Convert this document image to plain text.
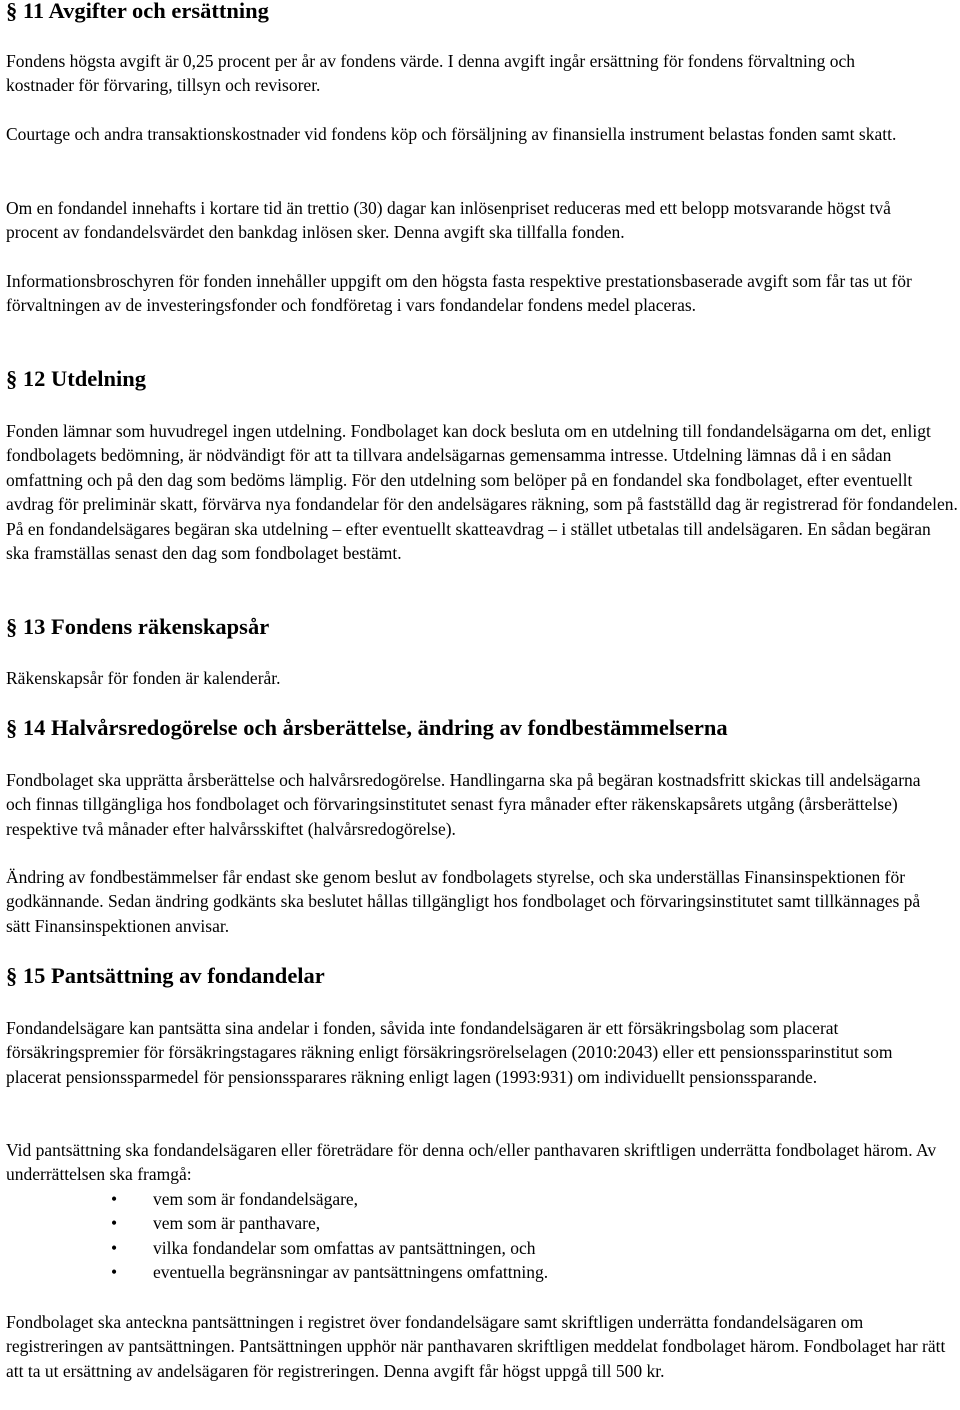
§ 11 Avgifter och ersättning

Fondens högsta avgift är 0,25 procent per år av fondens värde. I denna avgift ingår ersättning för fondens förvaltning och kostnader för förvaring, tillsyn och revisorer.

Courtage och andra transaktionskostnader vid fondens köp och försäljning av finansiella instrument belastas fonden samt skatt.

Om en fondandel innehafts i kortare tid än trettio (30) dagar kan inlösenpriset reduceras med ett belopp motsvarande högst två procent av fondandelsvärdet den bankdag inlösen sker. Denna avgift ska tillfalla fonden.

Informationsbroschyren för fonden innehåller uppgift om den högsta fasta respektive prestationsbaserade avgift som får tas ut för förvaltningen av de investeringsfonder och fondföretag i vars fondandelar fondens medel placeras.

§ 12 Utdelning

Fonden lämnar som huvudregel ingen utdelning. Fondbolaget kan dock besluta om en utdelning till fondandelsägarna om det, enligt fondbolagets bedömning, är nödvändigt för att ta tillvara andelsägarnas gemensamma intresse. Utdelning lämnas då i en sådan omfattning och på den dag som bedöms lämplig. För den utdelning som belöper på en fondandel ska fondbolaget, efter eventuellt avdrag för preliminär skatt, förvärva nya fondandelar för den andelsägares räkning, som på fastställd dag är registrerad för fondandelen. På en fondandelsägares begäran ska utdelning – efter eventuellt skatteavdrag – i stället utbetalas till andelsägaren. En sådan begäran ska framställas senast den dag som fondbolaget bestämt.

§ 13 Fondens räkenskapsår

Räkenskapsår för fonden är kalenderår.

§ 14 Halvårsredogörelse och årsberättelse, ändring av fondbestämmelserna

Fondbolaget ska upprätta årsberättelse och halvårsredogörelse. Handlingarna ska på begäran kostnadsfritt skickas till andelsägarna och finnas tillgängliga hos fondbolaget och förvaringsinstitutet senast fyra månader efter räkenskapsårets utgång (årsberättelse) respektive två månader efter halvårsskiftet (halvårsredogörelse).

Ändring av fondbestämmelser får endast ske genom beslut av fondbolagets styrelse, och ska underställas Finansinspektionen för godkännande. Sedan ändring godkänts ska beslutet hållas tillgängligt hos fondbolaget och förvaringsinstitutet samt tillkännages på sätt Finansinspektionen anvisar.

§ 15 Pantsättning av fondandelar

Fondandelsägare kan pantsätta sina andelar i fonden, såvida inte fondandelsägaren är ett försäkringsbolag som placerat försäkringspremier för försäkringstagares räkning enligt försäkringsrörelselagen (2010:2043) eller ett pensionssparinstitut som placerat pensionssparmedel för pensionssparares räkning enligt lagen (1993:931) om individuellt pensionssparande.

Vid pantsättning ska fondandelsägaren eller företrädare för denna och/eller panthavaren skriftligen underrätta fondbolaget härom. Av underrättelsen ska framgå:

• vem som är fondandelsägare,
• vem som är panthavare,
• vilka fondandelar som omfattas av pantsättningen, och
• eventuella begränsningar av pantsättningens omfattning.

Fondbolaget ska anteckna pantsättningen i registret över fondandelsägare samt skriftligen underrätta fondandelsägaren om registreringen av pantsättningen. Pantsättningen upphör när panthavaren skriftligen meddelat fondbolaget härom. Fondbolaget har rätt att ta ut ersättning av andelsägaren för registreringen. Denna avgift får högst uppgå till 500 kr.
